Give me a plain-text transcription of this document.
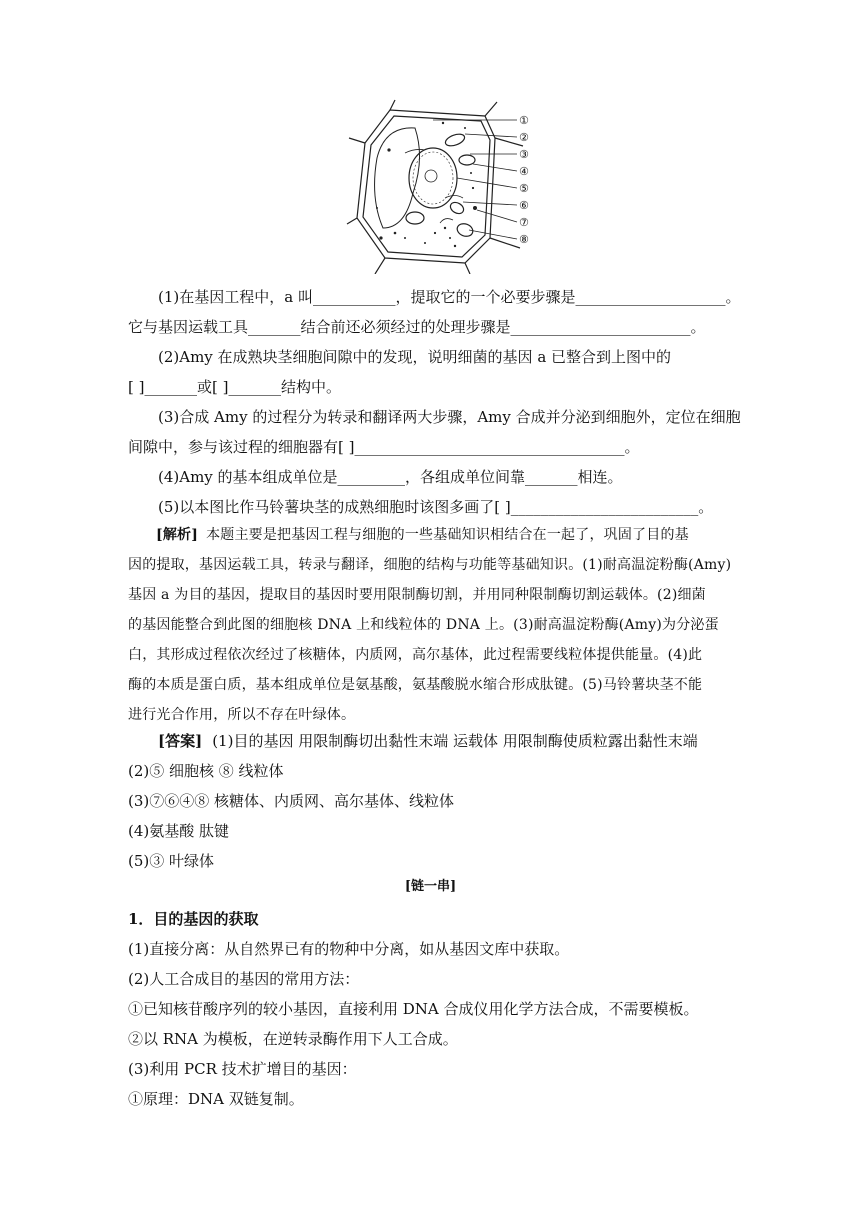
①
②
③
④
⑤
⑥
⑦
⑧

(1)在基因工程中，a 叫___________，提取它的一个必要步骤是____________________。

它与基因运载工具_______结合前还必须经过的处理步骤是________________________。

(2)Amy 在成熟块茎细胞间隙中的发现，说明细菌的基因 a 已整合到上图中的

[ ]_______或[ ]_______结构中。

(3)合成 Amy 的过程分为转录和翻译两大步骤，Amy 合成并分泌到细胞外，定位在细胞

间隙中，参与该过程的细胞器有[ ]____________________________________。

(4)Amy 的基本组成单位是_________，各组成单位间靠_______相连。

(5)以本图比作马铃薯块茎的成熟细胞时该图多画了[ ]_________________________。

[解析] 本题主要是把基因工程与细胞的一些基础知识相结合在一起了，巩固了目的基

因的提取，基因运载工具，转录与翻译，细胞的结构与功能等基础知识。(1)耐高温淀粉酶(Amy)

基因 a 为目的基因，提取目的基因时要用限制酶切割，并用同种限制酶切割运载体。(2)细菌

的基因能整合到此图的细胞核 DNA 上和线粒体的 DNA 上。(3)耐高温淀粉酶(Amy)为分泌蛋

白，其形成过程依次经过了核糖体，内质网，高尔基体，此过程需要线粒体提供能量。(4)此

酶的本质是蛋白质，基本组成单位是氨基酸，氨基酸脱水缩合形成肽键。(5)马铃薯块茎不能

进行光合作用，所以不存在叶绿体。

[答案] (1)目的基因 用限制酶切出黏性末端 运载体 用限制酶使质粒露出黏性末端

(2)⑤ 细胞核 ⑧ 线粒体

(3)⑦⑥④⑧ 核糖体、内质网、高尔基体、线粒体

(4)氨基酸 肽键

(5)③ 叶绿体

[链一串]

1．目的基因的获取

(1)直接分离：从自然界已有的物种中分离，如从基因文库中获取。

(2)人工合成目的基因的常用方法：

①已知核苷酸序列的较小基因，直接利用 DNA 合成仪用化学方法合成，不需要模板。

②以 RNA 为模板，在逆转录酶作用下人工合成。

(3)利用 PCR 技术扩增目的基因：

①原理：DNA 双链复制。
